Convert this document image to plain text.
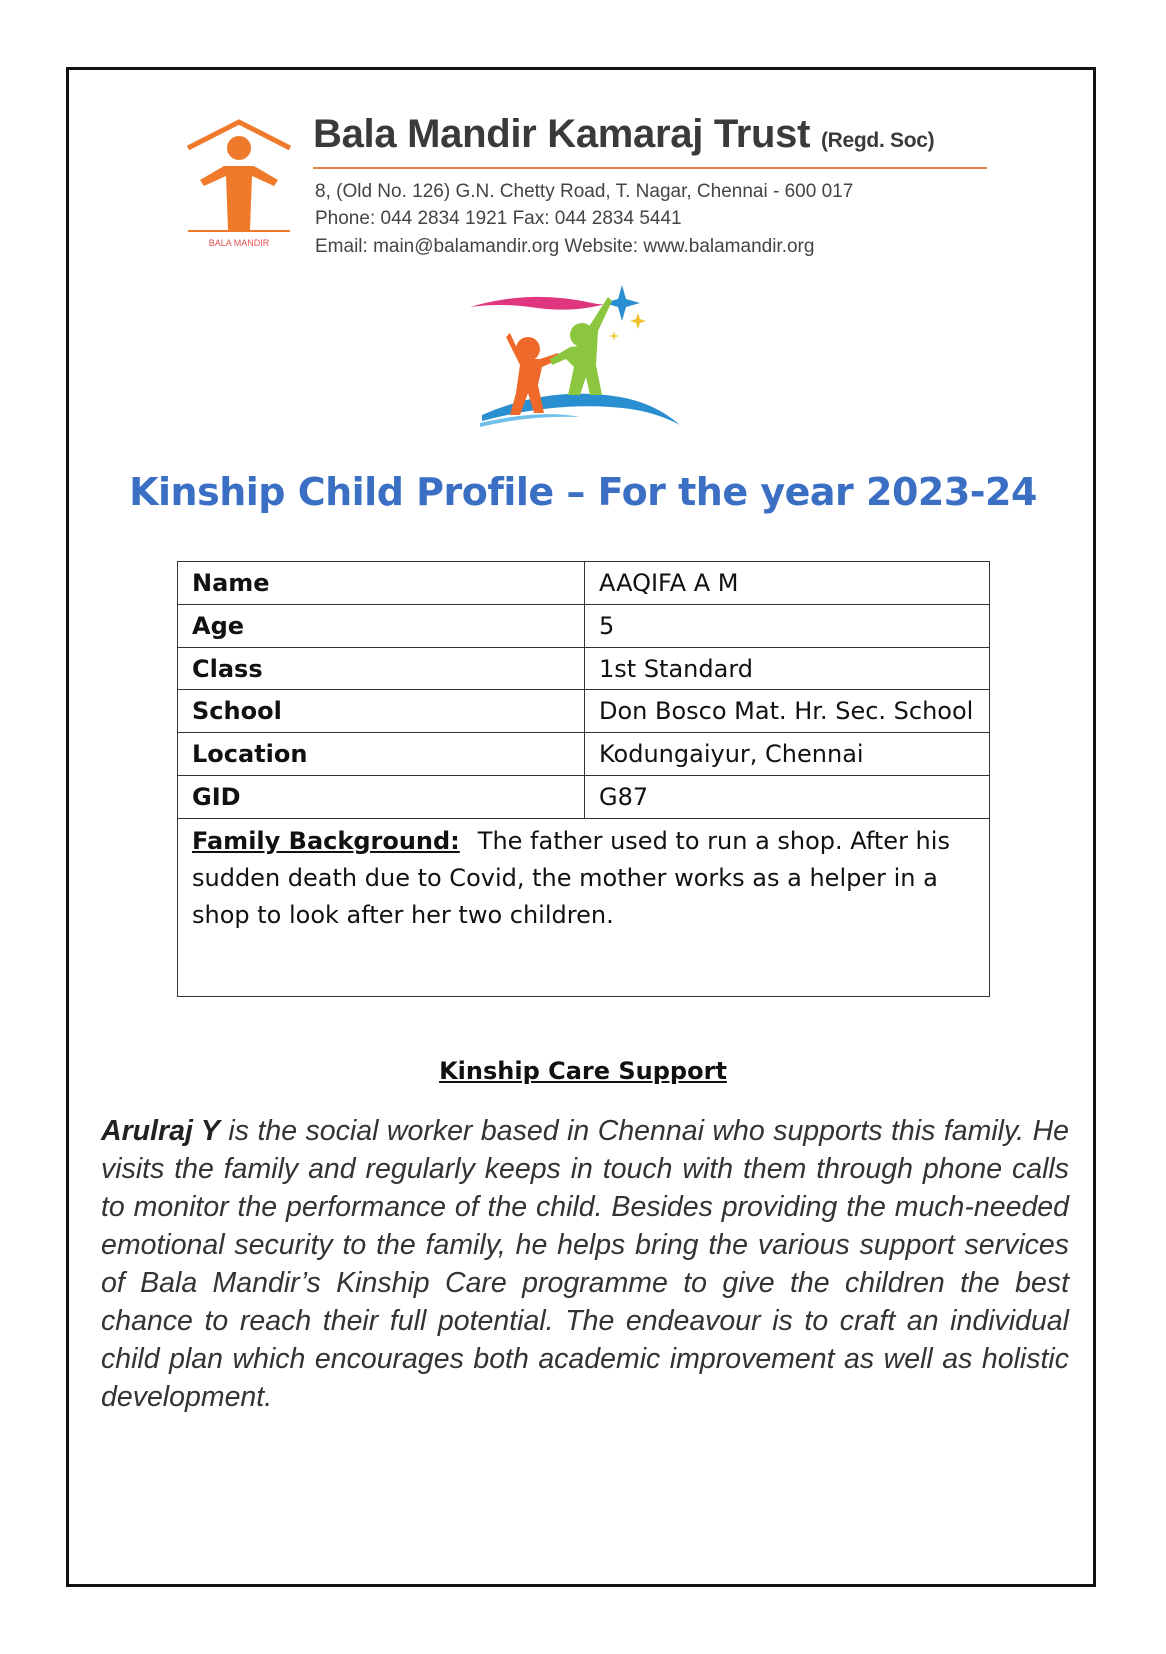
BALA MANDIR
Bala Mandir Kamaraj Trust (Regd. Soc)
8, (Old No. 126) G.N. Chetty Road, T. Nagar, Chennai - 600 017
Phone: 044 2834 1921 Fax: 044 2834 5441
Email: main@balamandir.org Website: www.balamandir.org
Kinship Child Profile – For the year 2023-24
Name	AAQIFA A M
Age	5
Class	1st Standard
School	Don Bosco Mat. Hr. Sec. School
Location	Kodungaiyur, Chennai
GID	G87
Family Background: The father used to run a shop. After his sudden death due to Covid, the mother works as a helper in a shop to look after her two children.	
Kinship Care Support
Arulraj Y is the social worker based in Chennai who supports this family. He visits the family and regularly keeps in touch with them through phone calls to monitor the performance of the child. Besides providing the much-needed emotional security to the family, he helps bring the various support services of Bala Mandir’s Kinship Care programme to give the children the best chance to reach their full potential. The endeavour is to craft an individual child plan which encourages both academic improvement as well as holistic development.
